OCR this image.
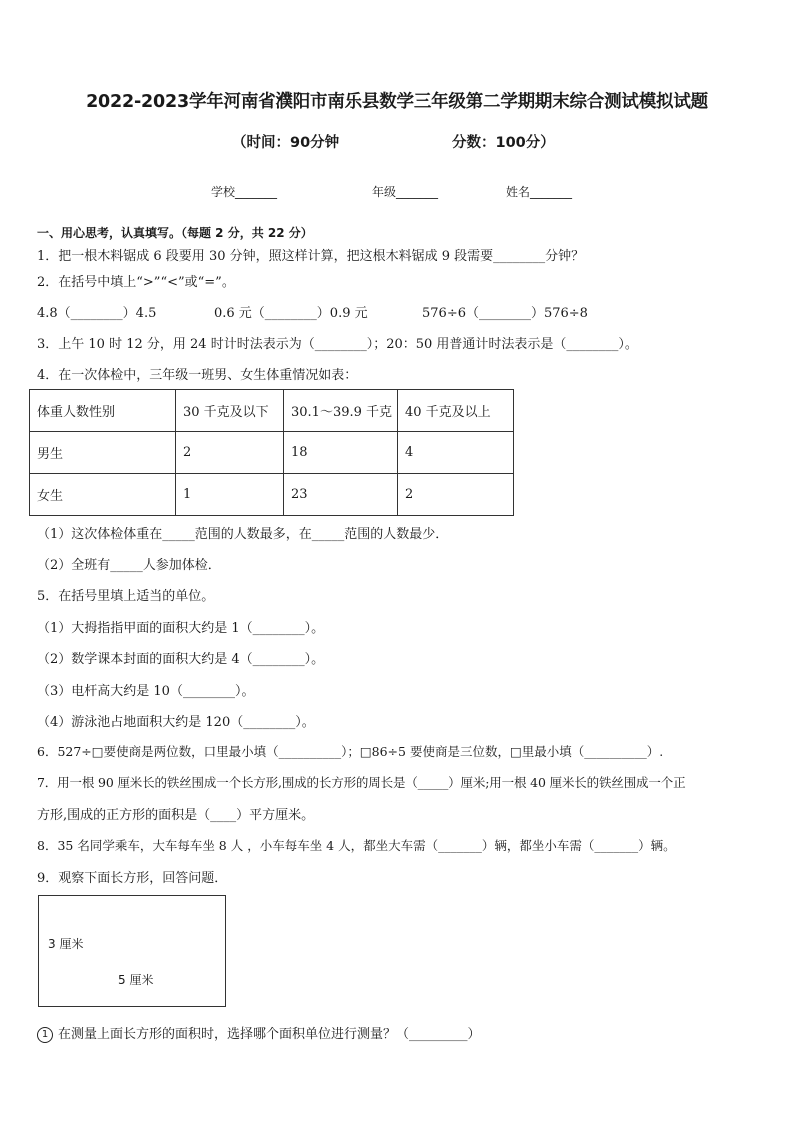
2022-2023学年河南省濮阳市南乐县数学三年级第二学期期末综合测试模拟试题
（时间：90分钟	分数：100分）
学校_______	年级_______	姓名_______
一、用心思考，认真填写。（每题 2 分，共 22 分）
1．把一根木料锯成 6 段要用 30 分钟，照这样计算，把这根木料锯成 9 段需要________分钟？
2．在括号中填上“>”“<”或“=”。
4.8（________）4.5	0.6 元（________）0.9 元	576÷6（________）576÷8
3．上午 10 时 12 分，用 24 时计时法表示为（________）；20：50 用普通计时法表示是（________）。
4．在一次体检中，三年级一班男、女生体重情况如表：
体重人数性别	30 千克及以下	30.1～39.9 千克	40 千克及以上
男生	2	18	4
女生	1	23	2
（1）这次体检体重在_____范围的人数最多，在_____范围的人数最少．
（2）全班有_____人参加体检．
5．在括号里填上适当的单位。
（1）大拇指指甲面的面积大约是 1（________）。
（2）数学课本封面的面积大约是 4（________）。
（3）电杆高大约是 10（________）。
（4）游泳池占地面积大约是 120（________）。
6．527÷□要使商是两位数，口里最小填（__________）；□86÷5 要使商是三位数，□里最小填（__________）.
7．用一根 90 厘米长的铁丝围成一个长方形,围成的长方形的周长是（_____）厘米;用一根 40 厘米长的铁丝围成一个正
方形,围成的正方形的面积是（____）平方厘米。
8．35 名同学乘车，大车每车坐 8 人 ，小车每车坐 4 人，都坐大车需（_______）辆，都坐小车需（_______）辆。
9．观察下面长方形，回答问题．
3 厘米
5 厘米
1 在测量上面长方形的面积时，选择哪个面积单位进行测量？（_________）
